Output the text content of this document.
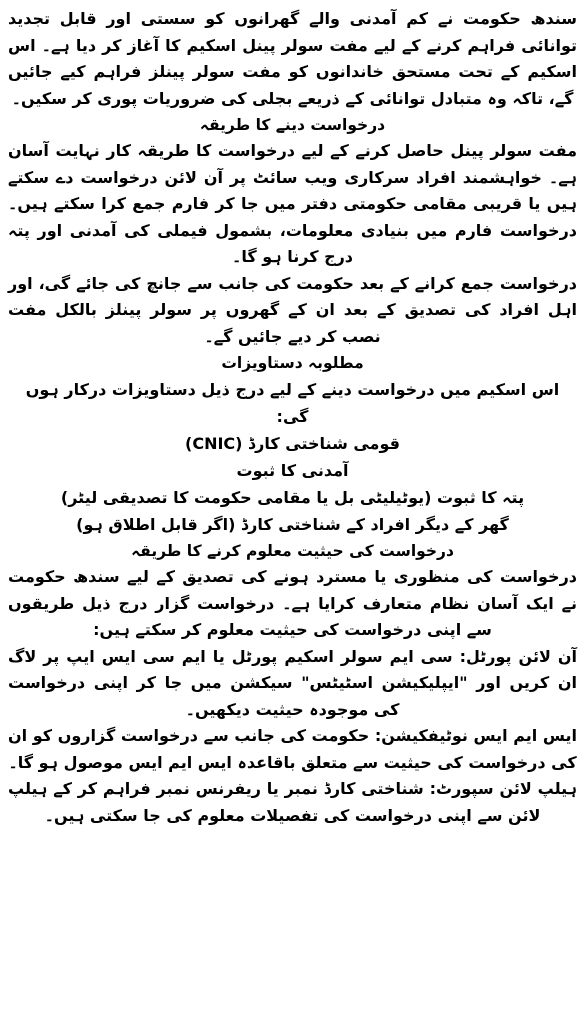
سندھ حکومت نے کم آمدنی والے گھرانوں کو سستی اور قابل تجدید توانائی فراہم کرنے کے لیے مفت سولر پینل اسکیم کا آغاز کر دیا ہے۔ اس اسکیم کے تحت مستحق خاندانوں کو مفت سولر پینلز فراہم کیے جائیں گے، تاکہ وہ متبادل توانائی کے ذریعے بجلی کی ضروریات پوری کر سکیں۔

درخواست دینے کا طریقہ

مفت سولر پینل حاصل کرنے کے لیے درخواست کا طریقہ کار نہایت آسان ہے۔ خواہشمند افراد سرکاری ویب سائٹ پر آن لائن درخواست دے سکتے ہیں یا قریبی مقامی حکومتی دفتر میں جا کر فارم جمع کرا سکتے ہیں۔ درخواست فارم میں بنیادی معلومات، بشمول فیملی کی آمدنی اور پتہ درج کرنا ہو گا۔

درخواست جمع کرانے کے بعد حکومت کی جانب سے جانچ کی جائے گی، اور اہل افراد کی تصدیق کے بعد ان کے گھروں پر سولر پینلز بالکل مفت نصب کر دیے جائیں گے۔

مطلوبہ دستاویزات

اس اسکیم میں درخواست دینے کے لیے درج ذیل دستاویزات درکار ہوں گی:

قومی شناختی کارڈ (CNIC)

آمدنی کا ثبوت

پتہ کا ثبوت (یوٹیلیٹی بل یا مقامی حکومت کا تصدیقی لیٹر)

گھر کے دیگر افراد کے شناختی کارڈ (اگر قابل اطلاق ہو)

درخواست کی حیثیت معلوم کرنے کا طریقہ

درخواست کی منظوری یا مسترد ہونے کی تصدیق کے لیے سندھ حکومت نے ایک آسان نظام متعارف کرایا ہے۔ درخواست گزار درج ذیل طریقوں سے اپنی درخواست کی حیثیت معلوم کر سکتے ہیں:

آن لائن پورٹل: سی ایم سولر اسکیم پورٹل یا ایم سی ایس ایپ پر لاگ ان کریں اور "ایپلیکیشن اسٹیٹس" سیکشن میں جا کر اپنی درخواست کی موجودہ حیثیت دیکھیں۔

ایس ایم ایس نوٹیفکیشن: حکومت کی جانب سے درخواست گزاروں کو ان کی درخواست کی حیثیت سے متعلق باقاعدہ ایس ایم ایس موصول ہو گا۔

ہیلپ لائن سپورٹ: شناختی کارڈ نمبر یا ریفرنس نمبر فراہم کر کے ہیلپ لائن سے اپنی درخواست کی تفصیلات معلوم کی جا سکتی ہیں۔
